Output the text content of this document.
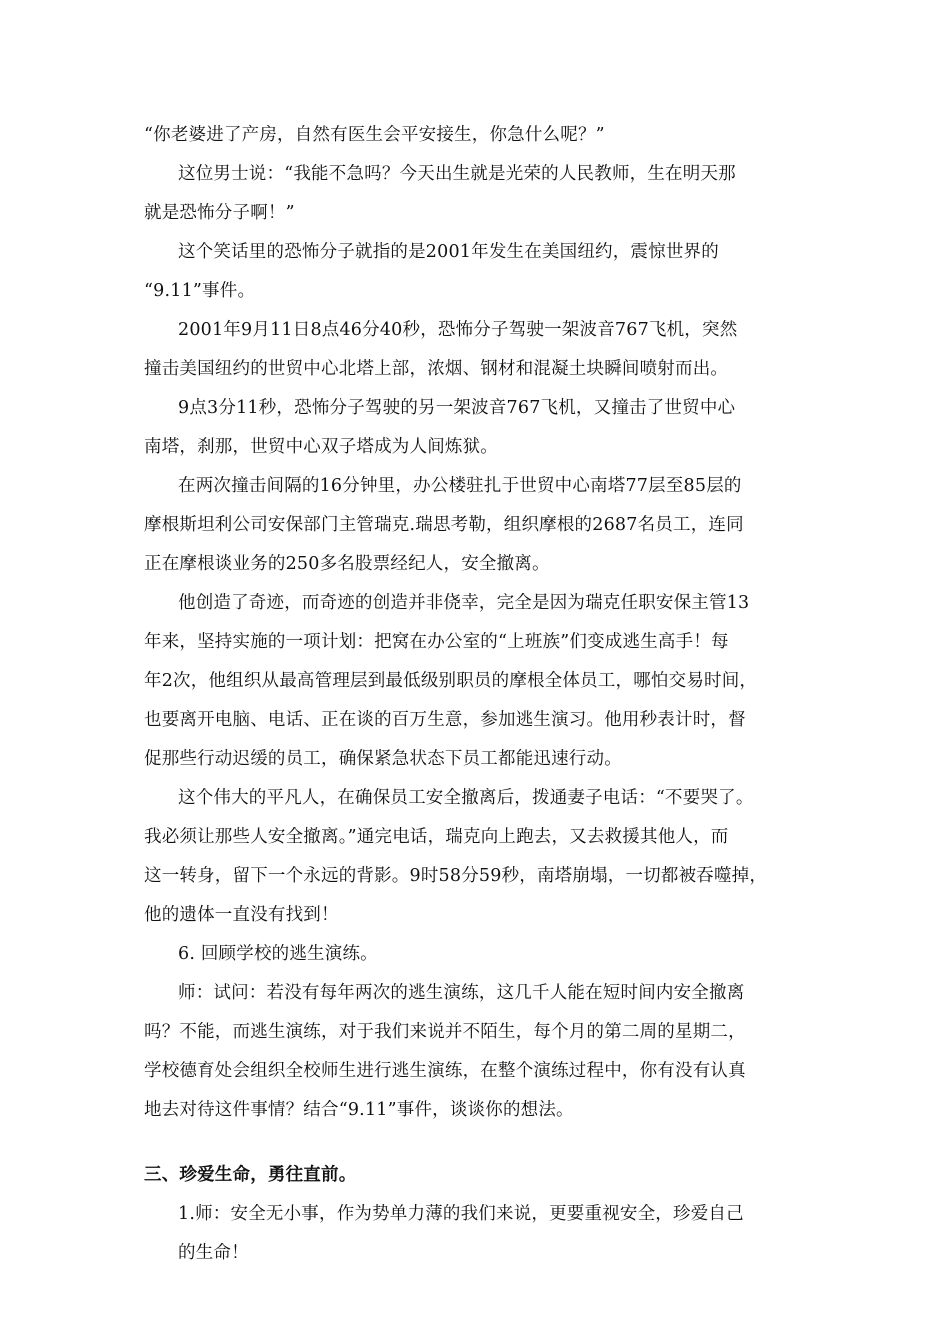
“你老婆进了产房，自然有医生会平安接生，你急什么呢？”
这位男士说：“我能不急吗？今天出生就是光荣的人民教师，生在明天那
就是恐怖分子啊！”
这个笑话里的恐怖分子就指的是2001年发生在美国纽约，震惊世界的
“9.11”事件。
2001年9月11日8点46分40秒，恐怖分子驾驶一架波音767飞机，突然
撞击美国纽约的世贸中心北塔上部，浓烟、钢材和混凝土块瞬间喷射而出。
9点3分11秒，恐怖分子驾驶的另一架波音767飞机，又撞击了世贸中心
南塔，刹那，世贸中心双子塔成为人间炼狱。
在两次撞击间隔的16分钟里，办公楼驻扎于世贸中心南塔77层至85层的
摩根斯坦利公司安保部门主管瑞克.瑞思考勒，组织摩根的2687名员工，连同
正在摩根谈业务的250多名股票经纪人，安全撤离。
他创造了奇迹，而奇迹的创造并非侥幸，完全是因为瑞克任职安保主管13
年来，坚持实施的一项计划：把窝在办公室的“上班族”们变成逃生高手！每
年2次，他组织从最高管理层到最低级别职员的摩根全体员工，哪怕交易时间，
也要离开电脑、电话、正在谈的百万生意，参加逃生演习。他用秒表计时，督
促那些行动迟缓的员工，确保紧急状态下员工都能迅速行动。
这个伟大的平凡人，在确保员工安全撤离后，拨通妻子电话：“不要哭了。
我必须让那些人安全撤离。”通完电话，瑞克向上跑去，又去救援其他人，而
这一转身，留下一个永远的背影。9时58分59秒，南塔崩塌，一切都被吞噬掉，
他的遗体一直没有找到！
6. 回顾学校的逃生演练。
师：试问：若没有每年两次的逃生演练，这几千人能在短时间内安全撤离
吗？不能，而逃生演练，对于我们来说并不陌生，每个月的第二周的星期二，
学校德育处会组织全校师生进行逃生演练，在整个演练过程中，你有没有认真
地去对待这件事情？结合“9.11”事件，谈谈你的想法。
三、珍爱生命，勇往直前。
1.师：安全无小事，作为势单力薄的我们来说，更要重视安全，珍爱自己
的生命！
